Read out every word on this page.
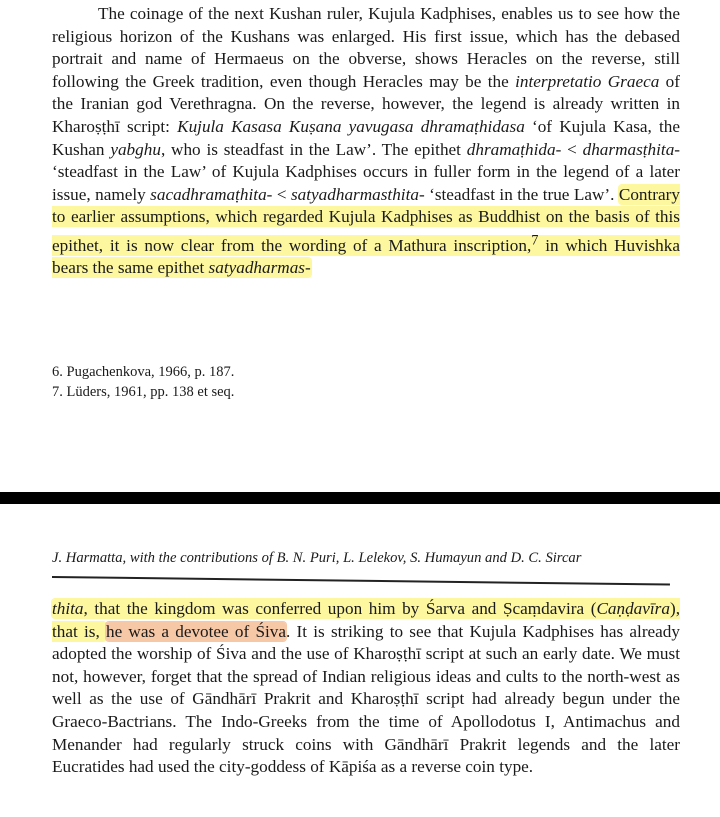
The coinage of the next Kushan ruler, Kujula Kadphises, enables us to see how the religious horizon of the Kushans was enlarged. His first issue, which has the debased portrait and name of Hermaeus on the obverse, shows Heracles on the reverse, still following the Greek tradition, even though Heracles may be the interpretatio Graeca of the Iranian god Verethragna. On the reverse, however, the legend is already written in Kharoṣṭhī script: Kujula Kasasa Kuṣana yavugasa dhramaṭhidasa ‘of Kujula Kasa, the Kushan yabghu, who is steadfast in the Law’. The epithet dhramaṭhida- < dharmasṭhita- ‘steadfast in the Law’ of Kujula Kadphises occurs in fuller form in the legend of a later issue, namely sacadhramaṭhita- < satyadharmasthita- ‘steadfast in the true Law’. Contrary to earlier assumptions, which regarded Kujula Kadphises as Buddhist on the basis of this epithet, it is now clear from the wording of a Mathura inscription,$^7$ in which Huvishka bears the same epithet satyadharmas-

6. Pugachenkova, 1966, p. 187.
7. Lüders, 1961, pp. 138 et seq.
J. Harmatta, with the contributions of B. N. Puri, L. Lelekov, S. Humayun and D. C. Sircar

thita, that the kingdom was conferred upon him by Śarva and Ṣcaṃdavira (Caṇḍavīra), that is, he was a devotee of Śiva. It is striking to see that Kujula Kadphises has already adopted the worship of Śiva and the use of Kharoṣṭhī script at such an early date. We must not, however, forget that the spread of Indian religious ideas and cults to the north-west as well as the use of Gāndhārī Prakrit and Kharoṣṭhī script had already begun under the Graeco-Bactrians. The Indo-Greeks from the time of Apollodotus I, Antimachus and Menander had regularly struck coins with Gāndhārī Prakrit legends and the later Eucratides had used the city-goddess of Kāpiśa as a reverse coin type.
